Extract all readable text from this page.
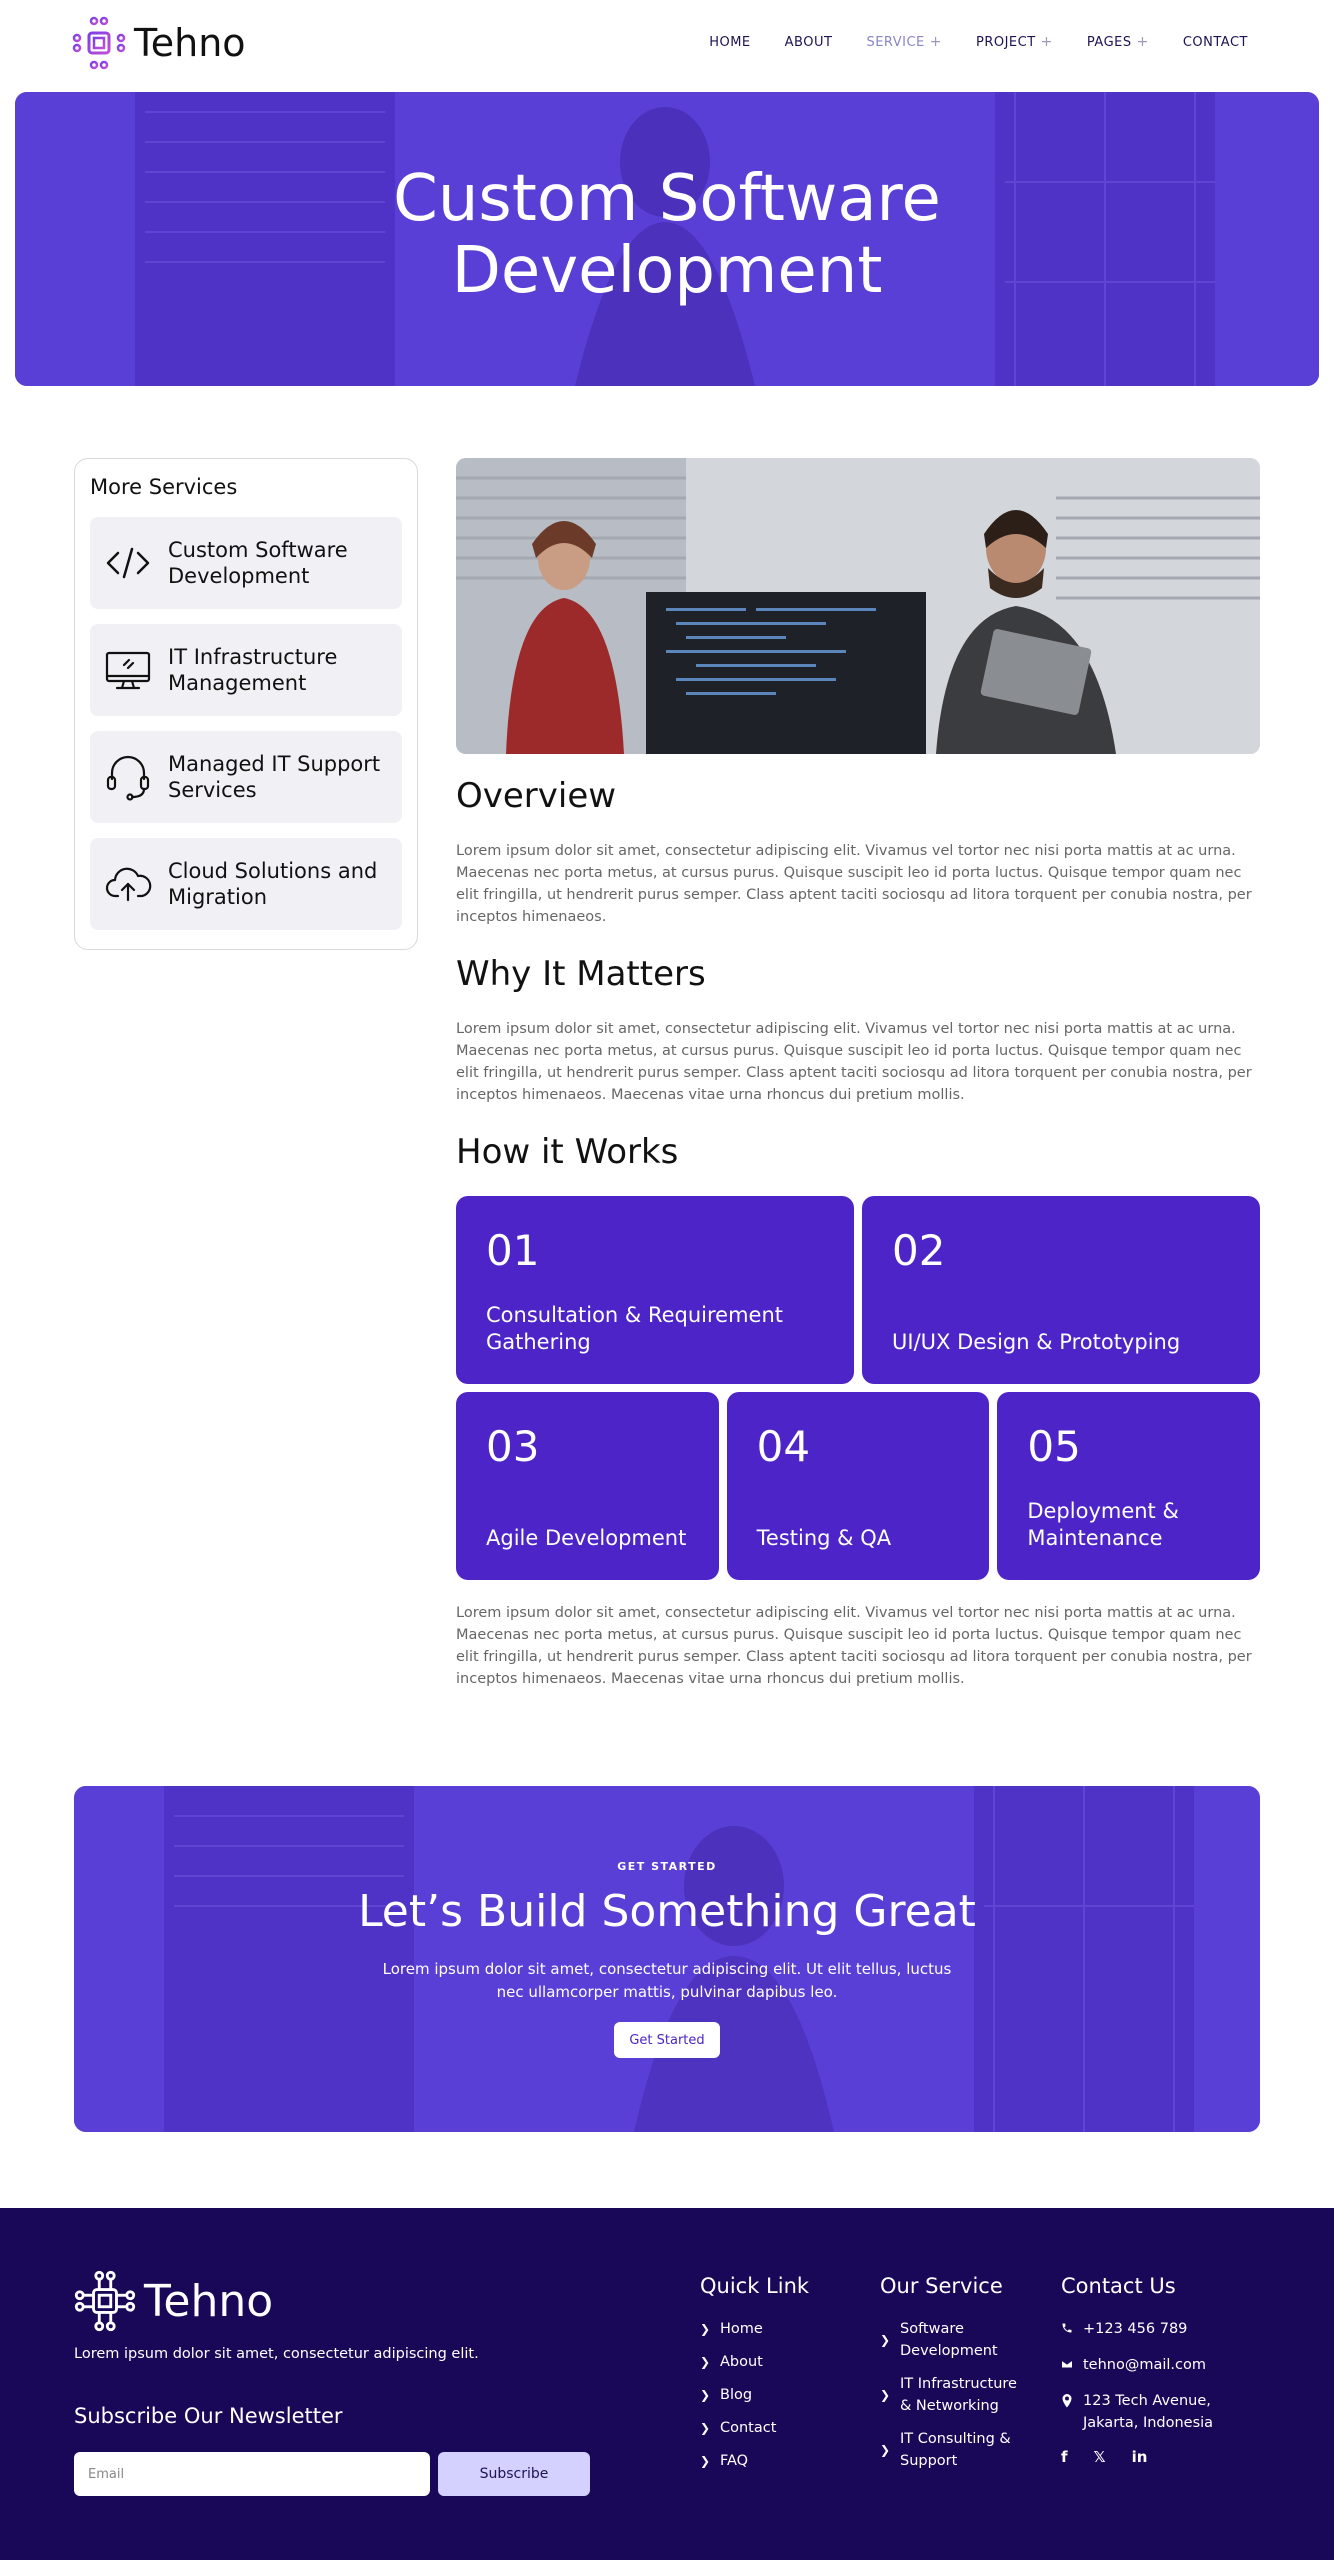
Tehno	HOME	ABOUT	SERVICE +	PROJECT +	PAGES +	CONTACT
Custom Software
Development
More Services
Custom Software Development
IT Infrastructure Management
Managed IT Support Services
Cloud Solutions and Migration
Overview

Lorem ipsum dolor sit amet, consectetur adipiscing elit. Vivamus vel tortor nec nisi porta mattis at ac urna. Maecenas nec porta metus, at cursus purus. Quisque suscipit leo id porta luctus. Quisque tempor quam nec elit fringilla, ut hendrerit purus semper. Class aptent taciti sociosqu ad litora torquent per conubia nostra, per inceptos himenaeos.

Why It Matters

Lorem ipsum dolor sit amet, consectetur adipiscing elit. Vivamus vel tortor nec nisi porta mattis at ac urna. Maecenas nec porta metus, at cursus purus. Quisque suscipit leo id porta luctus. Quisque tempor quam nec elit fringilla, ut hendrerit purus semper. Class aptent taciti sociosqu ad litora torquent per conubia nostra, per inceptos himenaeos. Maecenas vitae urna rhoncus dui pretium mollis.

How it Works
01
Consultation & Requirement Gathering
02
UI/UX Design & Prototyping
03
Agile Development
04
Testing & QA
05
Deployment & Maintenance

Lorem ipsum dolor sit amet, consectetur adipiscing elit. Vivamus vel tortor nec nisi porta mattis at ac urna. Maecenas nec porta metus, at cursus purus. Quisque suscipit leo id porta luctus. Quisque tempor quam nec elit fringilla, ut hendrerit purus semper. Class aptent taciti sociosqu ad litora torquent per conubia nostra, per inceptos himenaeos. Maecenas vitae urna rhoncus dui pretium mollis.

GET STARTED
Let’s Build Something Great
Lorem ipsum dolor sit amet, consectetur adipiscing elit. Ut elit tellus, luctus nec ullamcorper mattis, pulvinar dapibus leo.
Get Started
Tehno
Lorem ipsum dolor sit amet, consectetur adipiscing elit.
Subscribe Our Newsletter
Email	Subscribe
Quick Link
❯ Home
❯ About
❯ Blog
❯ Contact
❯ FAQ
Our Service
❯
Software Development
❯
IT Infrastructure & Networking
❯
IT Consulting & Support
Contact Us
+123 456 789
tehno@mail.com
123 Tech Avenue, Jakarta, Indonesia
f 𝕏 in
